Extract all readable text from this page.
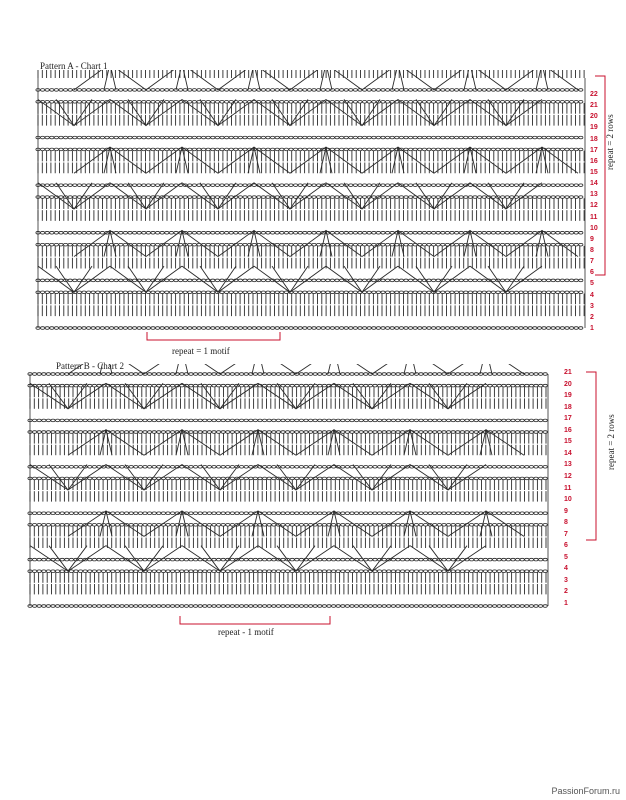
Pattern A - Chart 1
repeat = 1 motif
repeat = 2 rows
1
2
3
4
5
6
7
8
9
10
11
12
13
14
15
16
17
18
19
20
21
22
Pattern B - Chart 2
repeat - 1 motif
repeat = 2 rows
1
2
3
4
5
6
7
8
9
10
11
12
13
14
15
16
17
18
19
20
21
PassionForum.ru
